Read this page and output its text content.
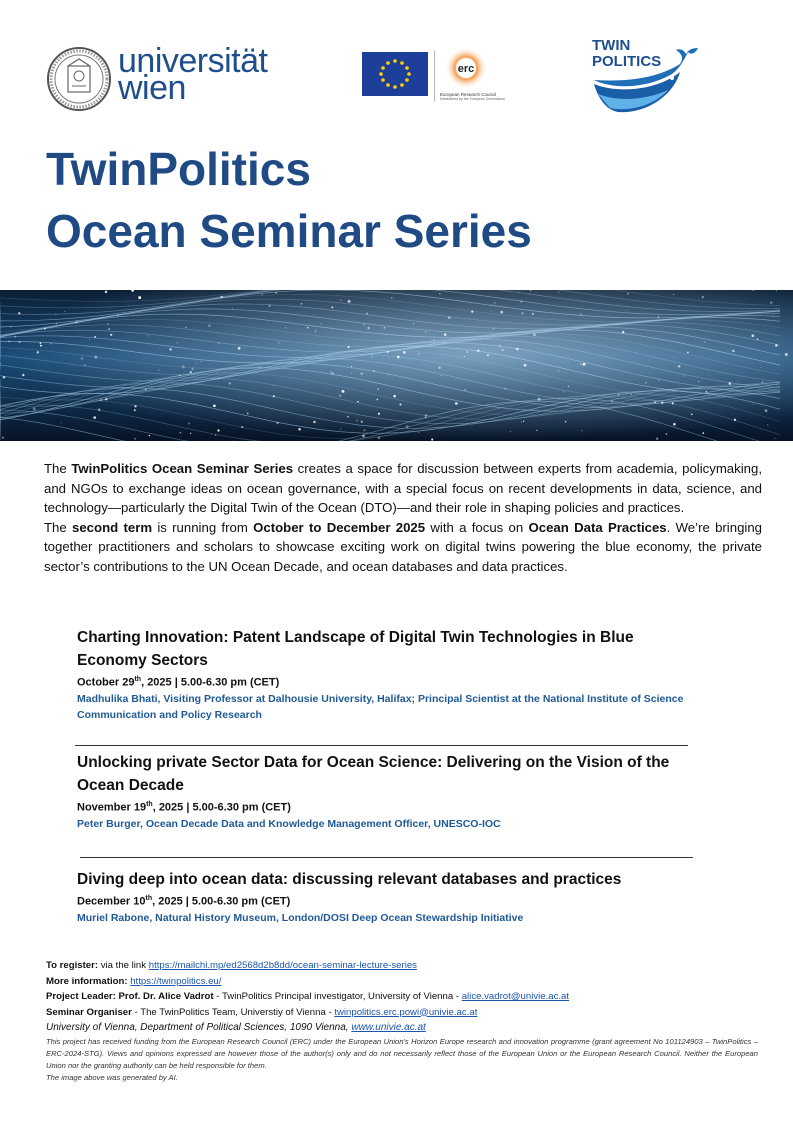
universität
wien	erc
European Research Council
Established by the European Commission
TWIN
POLITICS
TwinPolitics
Ocean Seminar Series

The TwinPolitics Ocean Seminar Series creates a space for discussion between experts from academia, policymaking, and NGOs to exchange ideas on ocean governance, with a special focus on recent developments in data, science, and technology—particularly the Digital Twin of the Ocean (DTO)—and their role in shaping policies and practices.

The second term is running from October to December 2025 with a focus on Ocean Data Practices. We’re bringing together practitioners and scholars to showcase exciting work on digital twins powering the blue economy, the private sector’s contributions to the UN Ocean Decade, and ocean databases and data practices.

Charting Innovation: Patent Landscape of Digital Twin Technologies in Blue Economy Sectors
October 29th, 2025 | 5.00-6.30 pm (CET)
Madhulika Bhati, Visiting Professor at Dalhousie University, Halifax; Principal Scientist at the National Institute of Science Communication and Policy Research
Unlocking private Sector Data for Ocean Science: Delivering on the Vision of the Ocean Decade
November 19th, 2025 | 5.00-6.30 pm (CET)
Peter Burger, Ocean Decade Data and Knowledge Management Officer, UNESCO-IOC
Diving deep into ocean data: discussing relevant databases and practices
December 10th, 2025 | 5.00-6.30 pm (CET)
Muriel Rabone, Natural History Museum, London/DOSI Deep Ocean Stewardship Initiative
To register: via the link https://mailchi.mp/ed2568d2b8dd/ocean-seminar-lecture-series
More information: https://twinpolitics.eu/
Project Leader: Prof. Dr. Alice Vadrot - TwinPolitics Principal investigator, University of Vienna - alice.vadrot@univie.ac.at
Seminar Organiser - The TwinPolitics Team, Universtiy of Vienna - twinpolitics.erc.powi@univie.ac.at
University of Vienna, Department of Political Sciences, 1090 Vienna, www.univie.ac.at
This project has received funding from the European Research Council (ERC) under the European Union's Horizon Europe research and innovation programme (grant agreement No 101124903 – TwinPolitics – ERC-2024-STG). Views and opinions expressed are however those of the author(s) only and do not necessarily reflect those of the European Union or the European Research Council. Neither the European Union nor the granting authority can be held responsible for them.
The image above was generated by AI.
